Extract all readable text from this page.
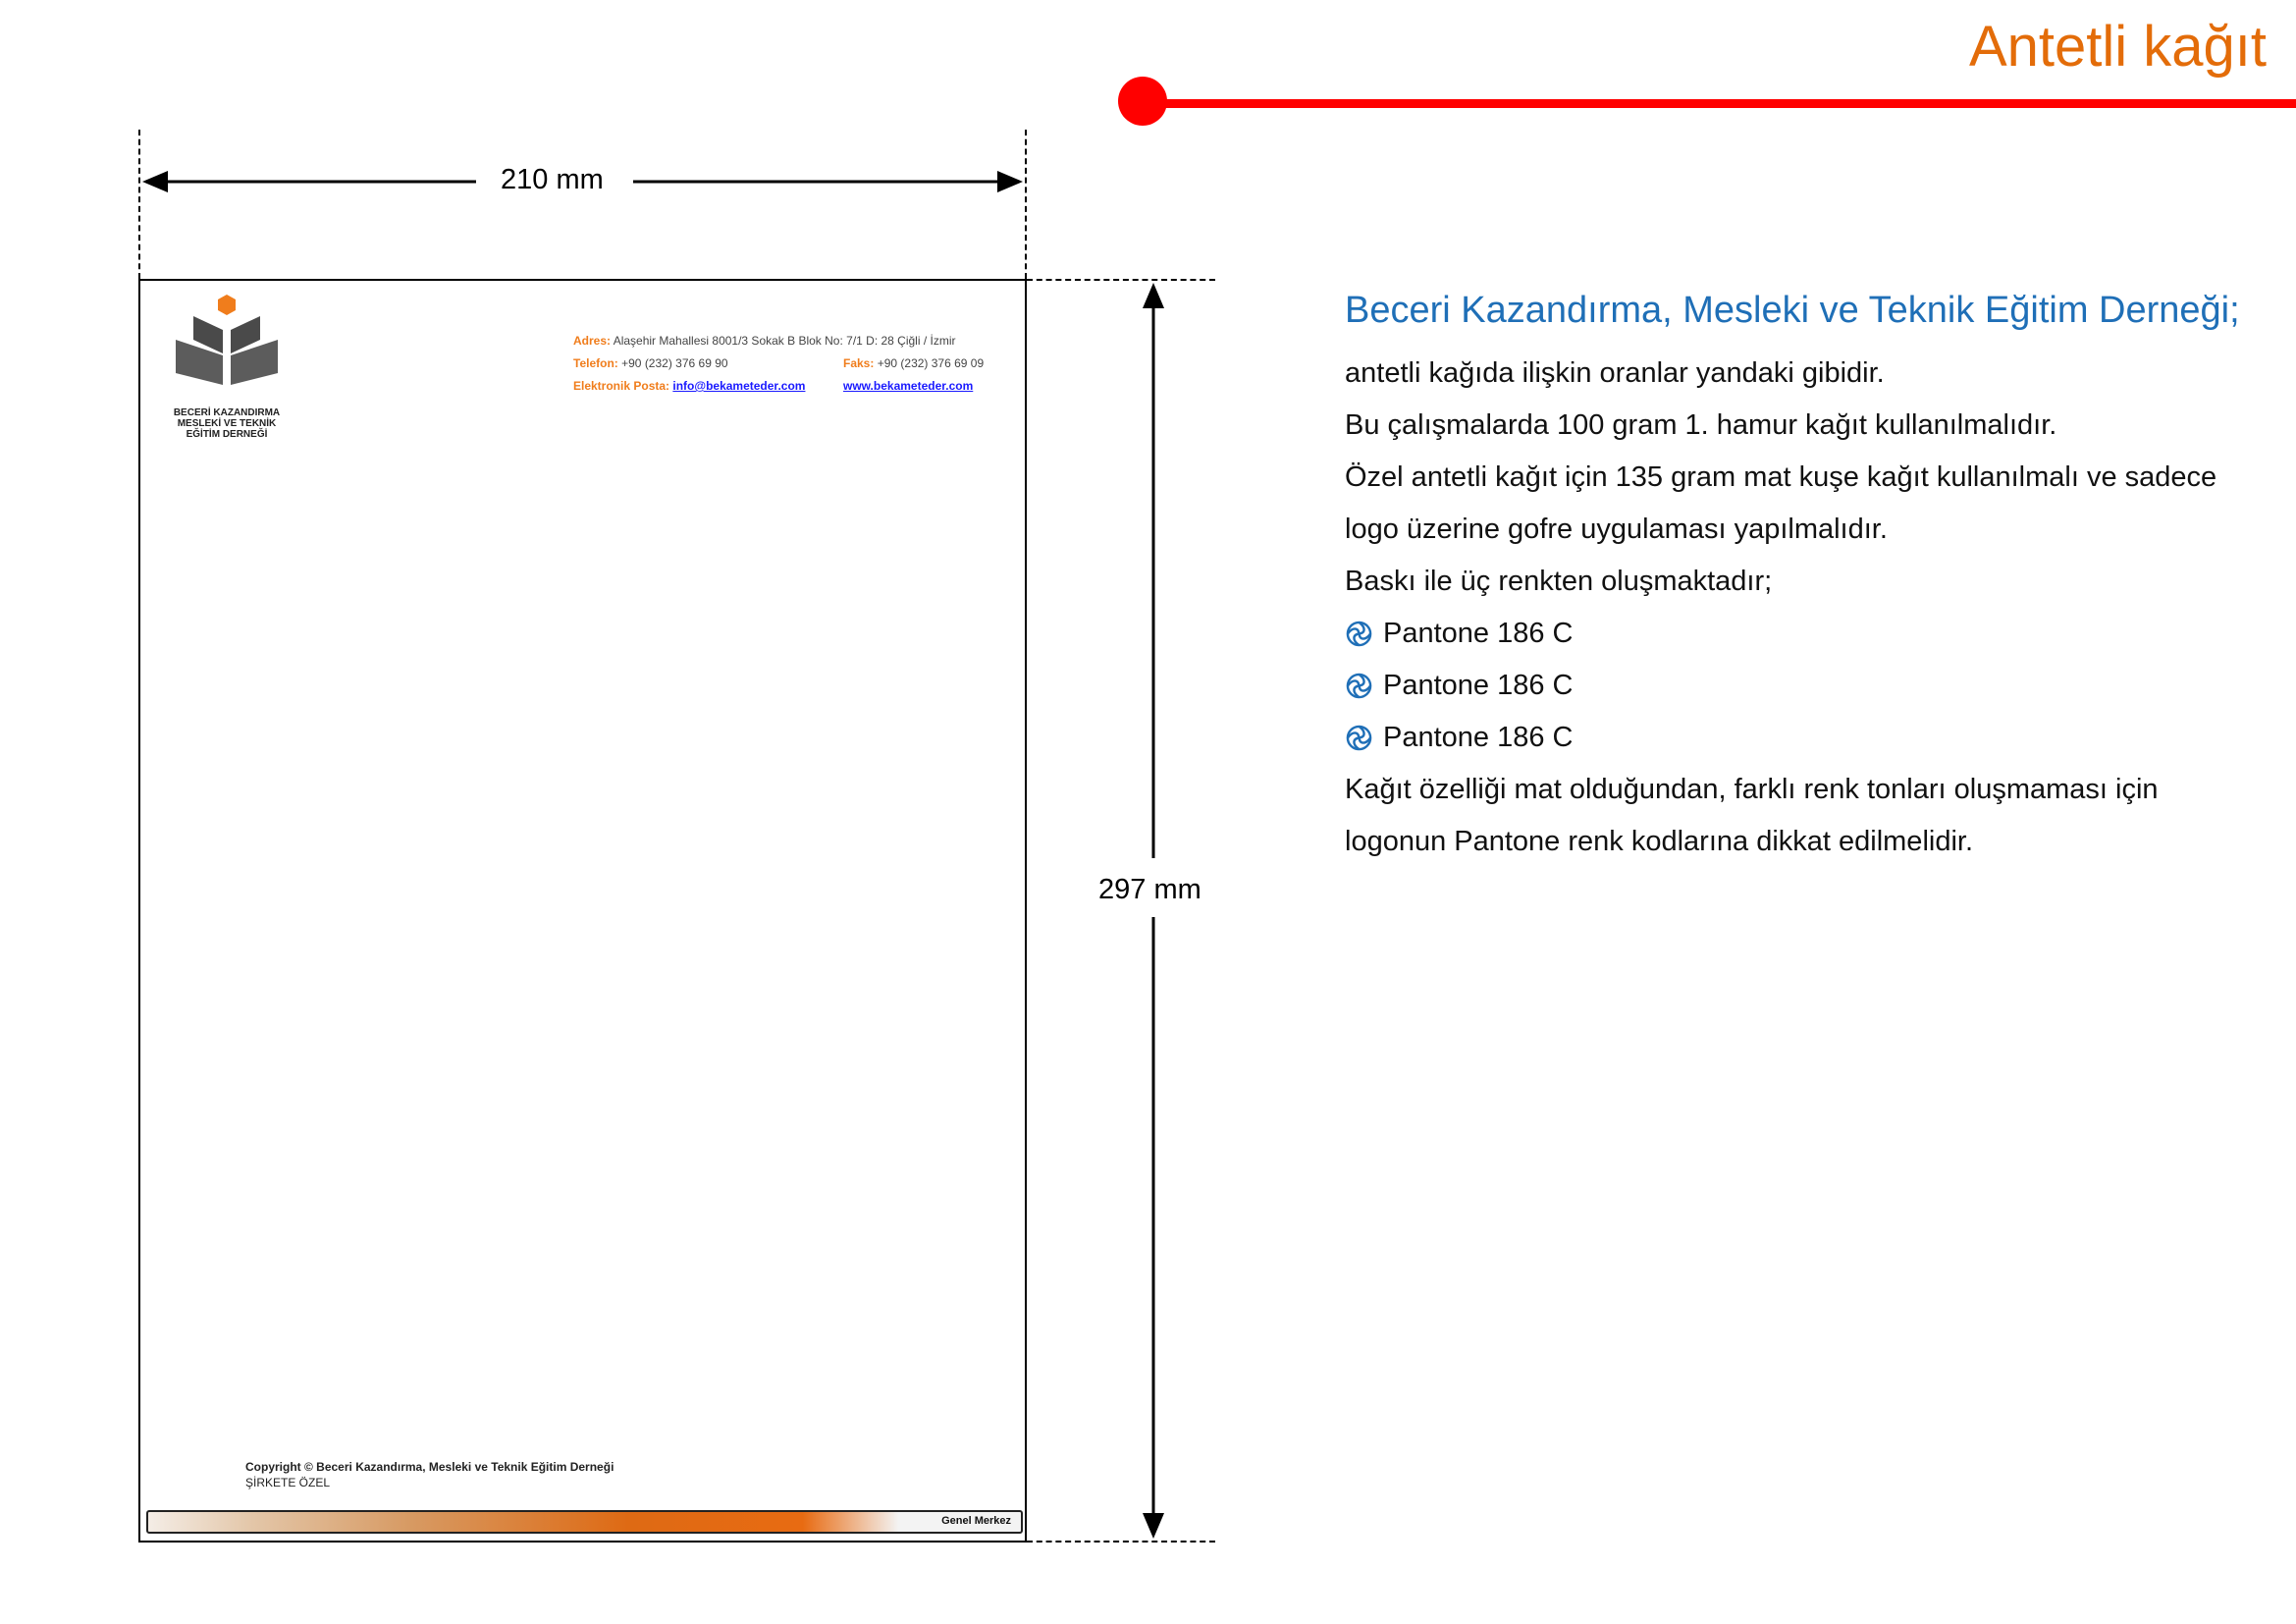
Antetli kağıt
210 mm
297 mm
BECERİ KAZANDIRMA
MESLEKİ VE TEKNİK
EĞİTİM DERNEĞİ
Adres: Alaşehir Mahallesi 8001/3 Sokak B Blok No: 7/1 D: 28 Çiğli / İzmir
Telefon: +90 (232) 376 69 90	Faks: +90 (232) 376 69 09
Elektronik Posta: info@bekameteder.com	www.bekameteder.com
Copyright © Beceri Kazandırma, Mesleki ve Teknik Eğitim Derneği
ŞİRKETE ÖZEL
Genel Merkez
Beceri Kazandırma, Mesleki ve Teknik Eğitim Derneği;
antetli kağıda ilişkin oranlar yandaki gibidir.
Bu çalışmalarda 100 gram 1. hamur kağıt kullanılmalıdır.
Özel antetli kağıt için 135 gram mat kuşe kağıt kullanılmalı ve sadece
logo üzerine gofre uygulaması yapılmalıdır.
Baskı ile üç renkten oluşmaktadır;
Pantone 186 C
Pantone 186 C
Pantone 186 C
Kağıt özelliği mat olduğundan, farklı renk tonları oluşmaması için
logonun Pantone renk kodlarına dikkat edilmelidir.
